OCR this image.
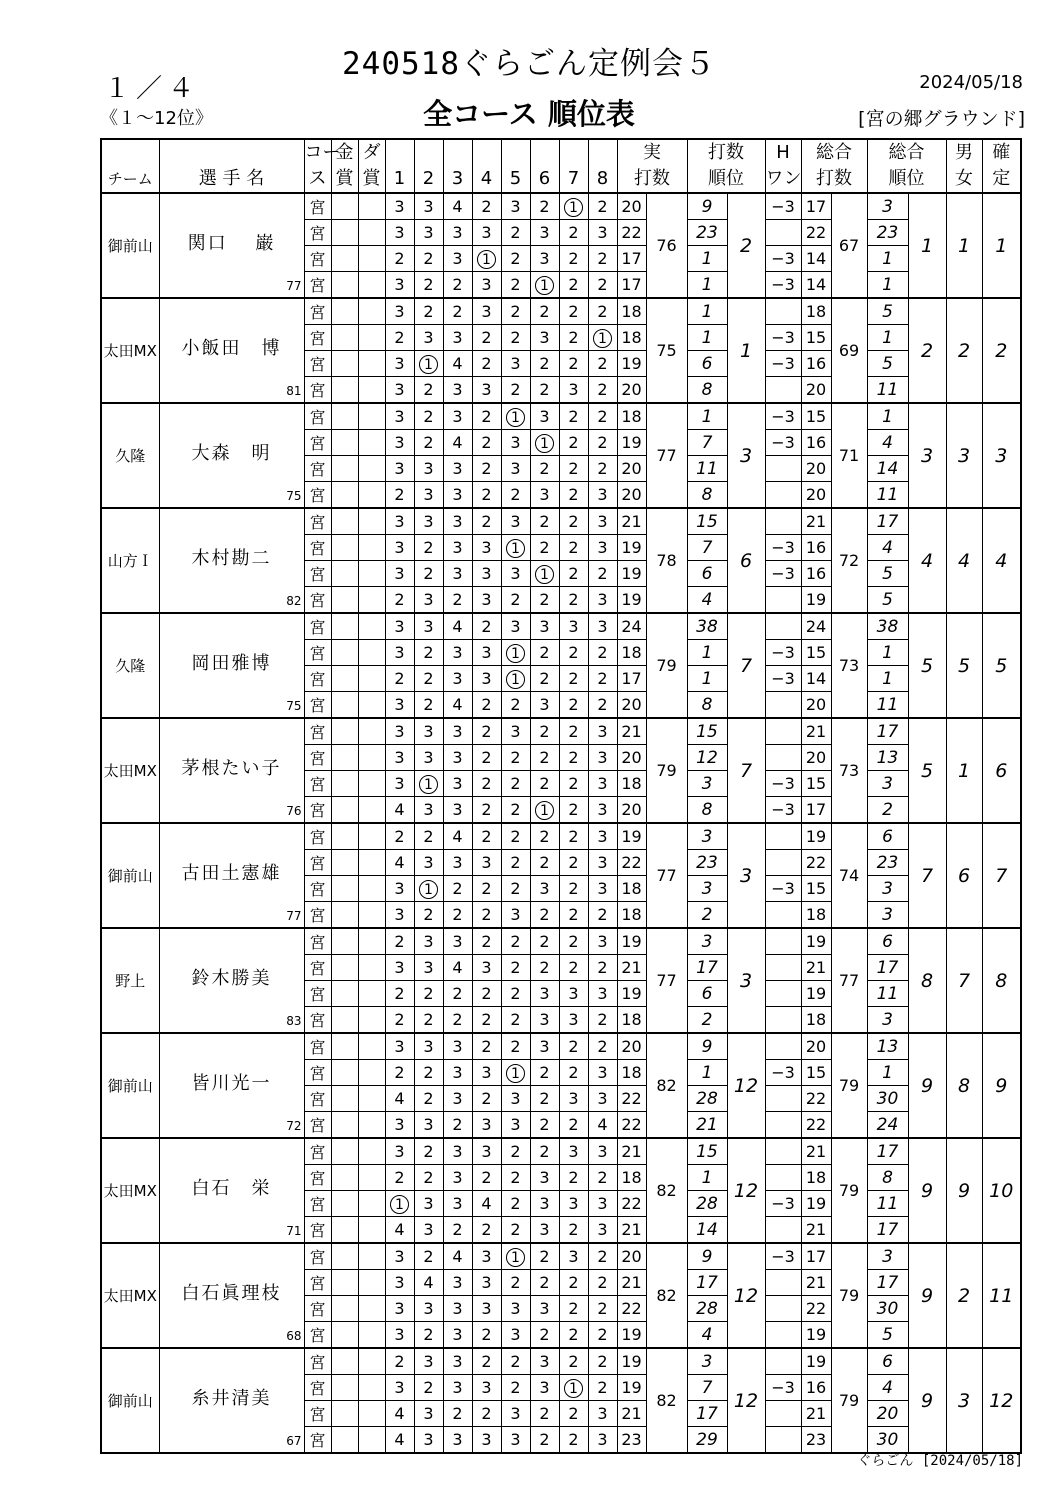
240518ぐらごん定例会５
１／４	2024/05/18
《１～12位》	全コース 順位表	[宮の郷グラウンド]
		コー	金	ダ									実		打数		H	総合		総合		男	確
チーム	選 手 名	ス	賞	賞	1	2	3	4	5	6	7	8	打数		順位		ワン	打数		順位		女	定
御前山	関口　 巌
77	宮			3	3	4	2	3	2	1	2	20	76	9	2	−3	17	67	3	1	1	1
		宮			3	3	3	3	2	3	2	3	22		23			22		23			
		宮			2	2	3	1	2	3	2	2	17		1		−3	14		1			
		宮			3	2	2	3	2	1	2	2	17		1		−3	14		1			
太田MX	小飯田　博
81	宮			3	2	2	3	2	2	2	2	18	75	1	1		18	69	5	2	2	2
		宮			2	3	3	2	2	3	2	1	18		1		−3	15		1			
		宮			3	1	4	2	3	2	2	2	19		6		−3	16		5			
		宮			3	2	3	3	2	2	3	2	20		8			20		11			
久隆	大森　明
75	宮			3	2	3	2	1	3	2	2	18	77	1	3	−3	15	71	1	3	3	3
		宮			3	2	4	2	3	1	2	2	19		7		−3	16		4			
		宮			3	3	3	2	3	2	2	2	20		11			20		14			
		宮			2	3	3	2	2	3	2	3	20		8			20		11			
山方Ｉ	木村勘二
82	宮			3	3	3	2	3	2	2	3	21	78	15	6		21	72	17	4	4	4
		宮			3	2	3	3	1	2	2	3	19		7		−3	16		4			
		宮			3	2	3	3	3	1	2	2	19		6		−3	16		5			
		宮			2	3	2	3	2	2	2	3	19		4			19		5			
久隆	岡田雅博
75	宮			3	3	4	2	3	3	3	3	24	79	38	7		24	73	38	5	5	5
		宮			3	2	3	3	1	2	2	2	18		1		−3	15		1			
		宮			2	2	3	3	1	2	2	2	17		1		−3	14		1			
		宮			3	2	4	2	2	3	2	2	20		8			20		11			
太田MX	茅根たい子
76	宮			3	3	3	2	3	2	2	3	21	79	15	7		21	73	17	5	1	6
		宮			3	3	3	2	2	2	2	3	20		12			20		13			
		宮			3	1	3	2	2	2	2	3	18		3		−3	15		3			
		宮			4	3	3	2	2	1	2	3	20		8		−3	17		2			
御前山	古田土憲雄
77	宮			2	2	4	2	2	2	2	3	19	77	3	3		19	74	6	7	6	7
		宮			4	3	3	3	2	2	2	3	22		23			22		23			
		宮			3	1	2	2	2	3	2	3	18		3		−3	15		3			
		宮			3	2	2	2	3	2	2	2	18		2			18		3			
野上	鈴木勝美
83	宮			2	3	3	2	2	2	2	3	19	77	3	3		19	77	6	8	7	8
		宮			3	3	4	3	2	2	2	2	21		17			21		17			
		宮			2	2	2	2	2	3	3	3	19		6			19		11			
		宮			2	2	2	2	2	3	3	2	18		2			18		3			
御前山	皆川光一
72	宮			3	3	3	2	2	3	2	2	20	82	9	12		20	79	13	9	8	9
		宮			2	2	3	3	1	2	2	3	18		1		−3	15		1			
		宮			4	2	3	2	3	2	3	3	22		28			22		30			
		宮			3	3	2	3	3	2	2	4	22		21			22		24			
太田MX	白石　栄
71	宮			3	2	3	3	2	2	3	3	21	82	15	12		21	79	17	9	9	10
		宮			2	2	3	2	2	3	2	2	18		1			18		8			
		宮			1	3	3	4	2	3	3	3	22		28		−3	19		11			
		宮			4	3	2	2	2	3	2	3	21		14			21		17			
太田MX	白石眞理枝
68	宮			3	2	4	3	1	2	3	2	20	82	9	12	−3	17	79	3	9	2	11
		宮			3	4	3	3	2	2	2	2	21		17			21		17			
		宮			3	3	3	3	3	3	2	2	22		28			22		30			
		宮			3	2	3	2	3	2	2	2	19		4			19		5			
御前山	糸井清美
67	宮			2	3	3	2	2	3	2	2	19	82	3	12		19	79	6	9	3	12
		宮			3	2	3	3	2	3	1	2	19		7		−3	16		4			
		宮			4	3	2	2	3	2	2	3	21		17			21		20			
		宮			4	3	3	3	3	2	2	3	23		29			23		30			
ぐらごん [2024/05/18]
